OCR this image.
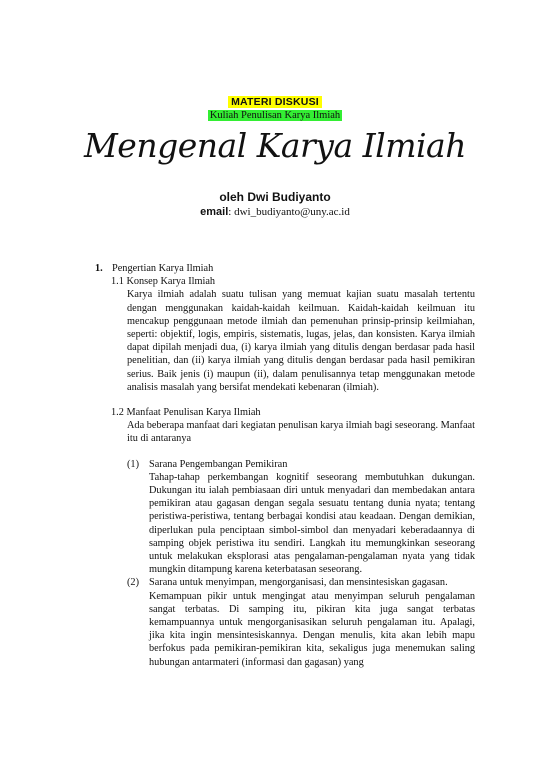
MATERI DISKUSI
Kuliah Penulisan Karya Ilmiah
Mengenal Karya Ilmiah
oleh Dwi Budiyanto
email: dwi_budiyanto@uny.ac.id

1. Pengertian Karya Ilmiah

1.1 Konsep Karya Ilmiah

Karya ilmiah adalah suatu tulisan yang memuat kajian suatu masalah tertentu dengan menggunakan kaidah-kaidah keilmuan. Kaidah-kaidah keilmuan itu mencakup penggunaan metode ilmiah dan pemenuhan prinsip-prinsip keilmiahan, seperti: objektif, logis, empiris, sistematis, lugas, jelas, dan konsisten. Karya ilmiah dapat dipilah menjadi dua, (i) karya ilmiah yang ditulis dengan berdasar pada hasil penelitian, dan (ii) karya ilmiah yang ditulis dengan berdasar pada hasil pemikiran serius. Baik jenis (i) maupun (ii), dalam penulisannya tetap menggunakan metode analisis masalah yang bersifat mendekati kebenaran (ilmiah).

1.2 Manfaat Penulisan Karya Ilmiah

Ada beberapa manfaat dari kegiatan penulisan karya ilmiah bagi seseorang. Manfaat itu di antaranya

(1) Sarana Pengembangan Pemikiran

Tahap-tahap perkembangan kognitif seseorang membutuhkan dukungan. Dukungan itu ialah pembiasaan diri untuk menyadari dan membedakan antara pemikiran atau gagasan dengan segala sesuatu tentang dunia nyata; tentang peristiwa-peristiwa, tentang berbagai kondisi atau keadaan. Dengan demikian, diperlukan pula penciptaan simbol-simbol dan menyadari keberadaannya di samping objek peristiwa itu sendiri. Langkah itu memungkinkan seseorang untuk melakukan eksplorasi atas pengalaman-pengalaman nyata yang tidak mungkin ditampung karena keterbatasan seseorang.

(2) Sarana untuk menyimpan, mengorganisasi, dan mensintesiskan gagasan.

Kemampuan pikir untuk mengingat atau menyimpan seluruh pengalaman sangat terbatas. Di samping itu, pikiran kita juga sangat terbatas kemampuannya untuk mengorganisasikan seluruh pengalaman itu. Apalagi, jika kita ingin mensintesiskannya. Dengan menulis, kita akan lebih mapu berfokus pada pemikiran-pemikiran kita, sekaligus juga menemukan saling hubungan antarmateri (informasi dan gagasan) yang
